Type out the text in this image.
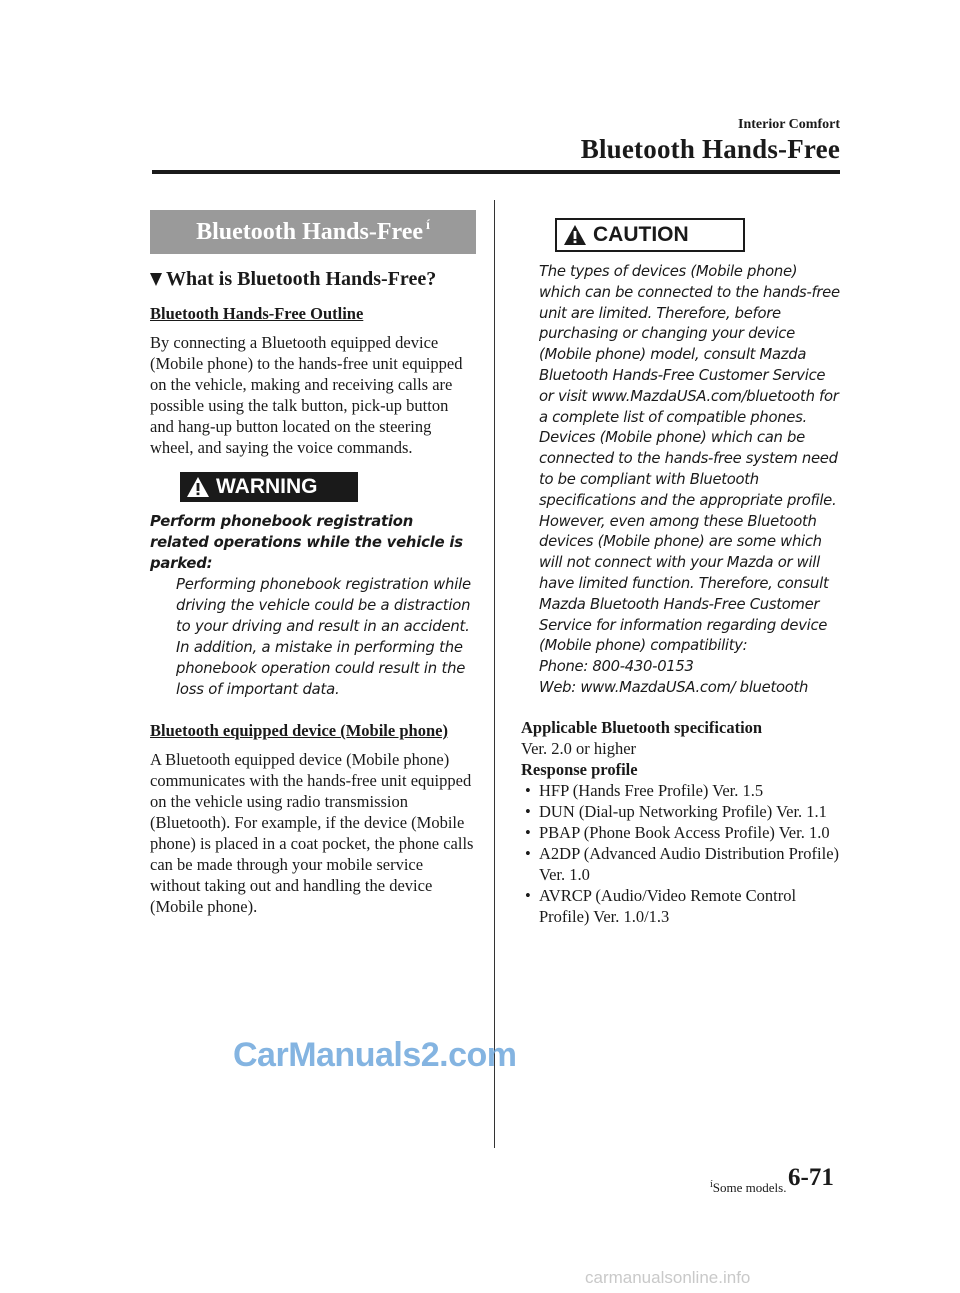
Interior Comfort
Bluetooth Hands-Free
Bluetooth Hands-Free í
What is Bluetooth Hands-Free?
Bluetooth Hands-Free Outline
By connecting a Bluetooth equipped device (Mobile phone) to the hands-free unit equipped on the vehicle, making and receiving calls are possible using the talk button, pick-up button and hang-up button located on the steering wheel, and saying the voice commands.
WARNING
Perform phonebook registration related operations while the vehicle is parked:
Performing phonebook registration while driving the vehicle could be a distraction to your driving and result in an accident. In addition, a mistake in performing the phonebook operation could result in the loss of important data.
Bluetooth equipped device (Mobile phone)
A Bluetooth equipped device (Mobile phone) communicates with the hands-free unit equipped on the vehicle using radio transmission (Bluetooth). For example, if the device (Mobile phone) is placed in a coat pocket, the phone calls can be made through your mobile service without taking out and handling the device (Mobile phone).
CAUTION
The types of devices (Mobile phone) which can be connected to the hands-free unit are limited. Therefore, before purchasing or changing your device (Mobile phone) model, consult Mazda Bluetooth Hands-Free Customer Service or visit www.MazdaUSA.com/bluetooth for a complete list of compatible phones. Devices (Mobile phone) which can be connected to the hands-free system need to be compliant with Bluetooth specifications and the appropriate profile. However, even among these Bluetooth devices (Mobile phone) are some which will not connect with your Mazda or will have limited function. Therefore, consult Mazda Bluetooth Hands-Free Customer Service for information regarding device (Mobile phone) compatibility:
Phone: 800-430-0153
Web: www.MazdaUSA.com/ bluetooth
Applicable Bluetooth specification
Ver. 2.0 or higher
Response profile
• HFP (Hands Free Profile) Ver. 1.5
• DUN (Dial-up Networking Profile) Ver. 1.1
• PBAP (Phone Book Access Profile) Ver. 1.0
• A2DP (Advanced Audio Distribution Profile) Ver. 1.0
• AVRCP (Audio/Video Remote Control Profile) Ver. 1.0/1.3
CarManuals2.com
$^í$Some models. 6-71
carmanualsonline.info
